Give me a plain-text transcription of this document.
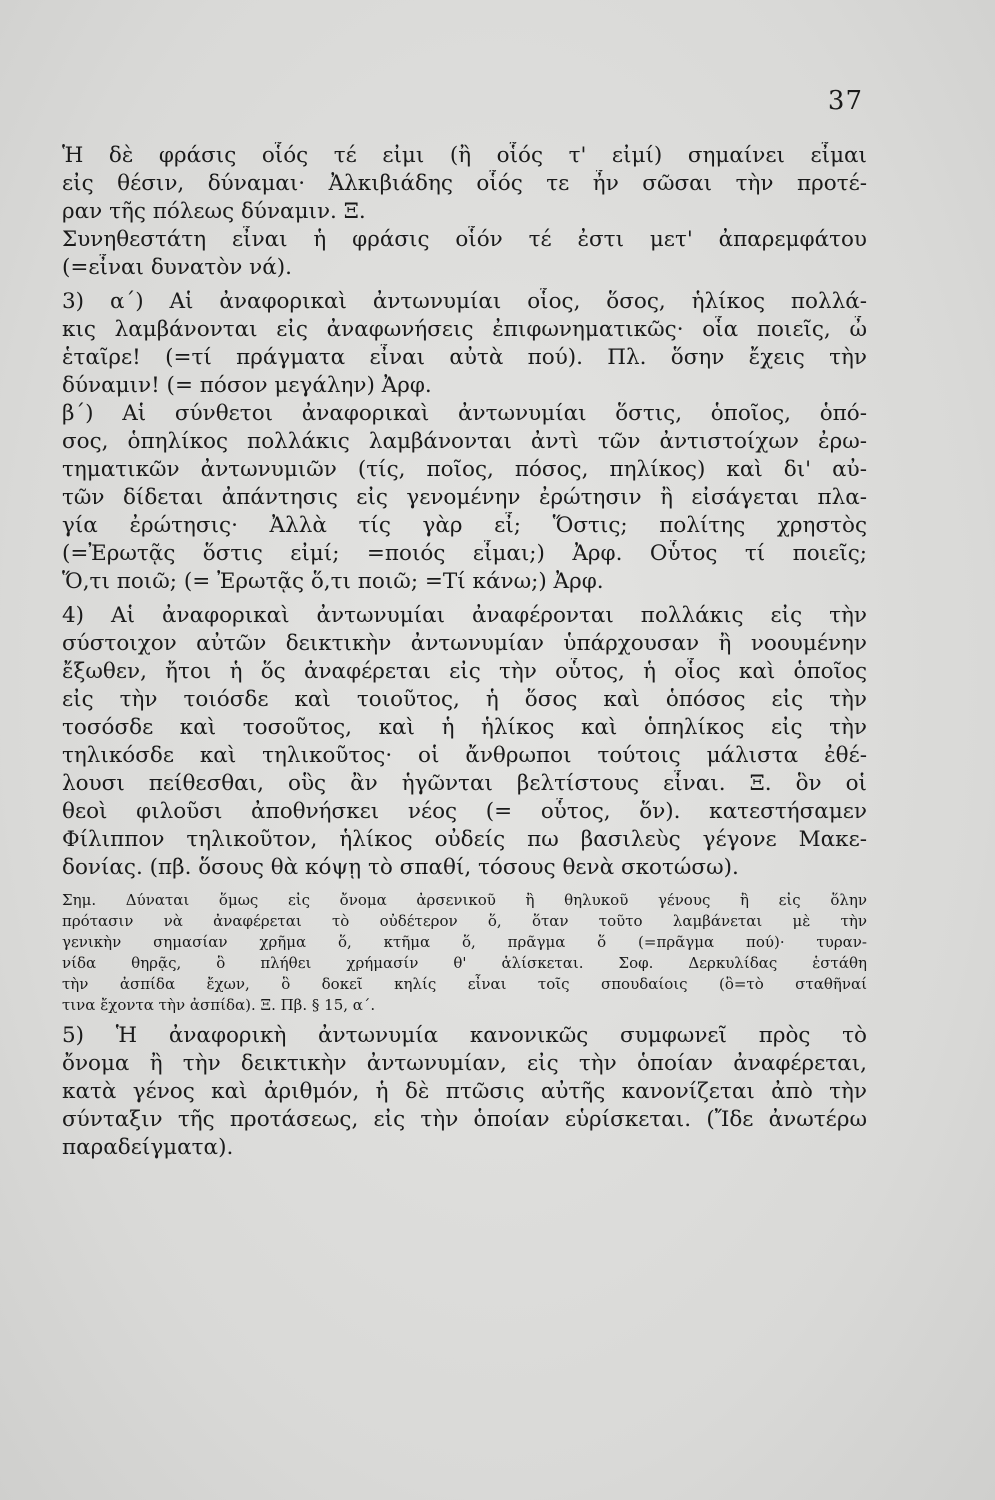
37
Ἡ δὲ φράσις οἷός τέ εἰμι (ἢ οἷός τ' εἰμί) σημαίνει εἶμαι
εἰς θέσιν, δύναμαι· Ἀλκιβιάδης οἷός τε ἦν σῶσαι τὴν προτέ-
ραν τῆς πόλεως δύναμιν. Ξ.
Συνηθεστάτη εἶναι ἡ φράσις οἷόν τέ ἐστι μετ' ἀπαρεμφάτου
(=εἶναι δυνατὸν νά).
3) α΄) Αἱ ἀναφορικαὶ ἀντωνυμίαι οἷος, ὅσος, ἡλίκος πολλά-
κις λαμβάνονται εἰς ἀναφωνήσεις ἐπιφωνηματικῶς· οἷα ποιεῖς, ὦ
ἑταῖρε! (=τί πράγματα εἶναι αὐτὰ πού). Πλ. ὅσην ἔχεις τὴν
δύναμιν! (= πόσον μεγάλην) Ἀρφ.
β΄) Αἱ σύνθετοι ἀναφορικαὶ ἀντωνυμίαι ὅστις, ὁποῖος, ὁπό-
σος, ὁπηλίκος πολλάκις λαμβάνονται ἀντὶ τῶν ἀντιστοίχων ἐρω-
τηματικῶν ἀντωνυμιῶν (τίς, ποῖος, πόσος, πηλίκος) καὶ δι' αὐ-
τῶν δίδεται ἀπάντησις εἰς γενομένην ἐρώτησιν ἢ εἰσάγεται πλα-
γία ἐρώτησις· Ἀλλὰ τίς γὰρ εἶ; Ὅστις; πολίτης χρηστὸς
(=Ἐρωτᾷς ὅστις εἰμί; =ποιός εἶμαι;) Ἀρφ. Οὗτος τί ποιεῖς;
Ὅ,τι ποιῶ; (= Ἐρωτᾷς ὅ,τι ποιῶ; =Τί κάνω;) Ἀρφ.
4) Αἱ ἀναφορικαὶ ἀντωνυμίαι ἀναφέρονται πολλάκις εἰς τὴν
σύστοιχον αὐτῶν δεικτικὴν ἀντωνυμίαν ὑπάρχουσαν ἢ νοουμένην
ἔξωθεν, ἤτοι ἡ ὅς ἀναφέρεται εἰς τὴν οὗτος, ἡ οἷος καὶ ὁποῖος
εἰς τὴν τοιόσδε καὶ τοιοῦτος, ἡ ὅσος καὶ ὁπόσος εἰς τὴν
τοσόσδε καὶ τοσοῦτος, καὶ ἡ ἡλίκος καὶ ὁπηλίκος εἰς τὴν
τηλικόσδε καὶ τηλικοῦτος· οἱ ἄνθρωποι τούτοις μάλιστα ἐθέ-
λουσι πείθεσθαι, οὓς ἂν ἡγῶνται βελτίστους εἶναι. Ξ. ὃν οἱ
θεοὶ φιλοῦσι ἀποθνήσκει νέος (= οὗτος, ὅν). κατεστήσαμεν
Φίλιππον τηλικοῦτον, ἡλίκος οὐδείς πω βασιλεὺς γέγονε Μακε-
δονίας. (πβ. ὅσους θὰ κόψῃ τὸ σπαθί, τόσους θενὰ σκοτώσω).
Σημ. Δύναται ὅμως εἰς ὄνομα ἀρσενικοῦ ἢ θηλυκοῦ γένους ἢ εἰς ὅλην
πρότασιν νὰ ἀναφέρεται τὸ οὐδέτερον ὅ, ὅταν τοῦτο λαμβάνεται μὲ τὴν
γενικὴν σημασίαν χρῆμα ὅ, κτῆμα ὅ, πρᾶγμα ὅ (=πρᾶγμα πού)· τυραν-
νίδα θηρᾷς, ὃ πλήθει χρήμασίν θ' ἁλίσκεται. Σοφ. Δερκυλίδας ἑστάθη
τὴν ἀσπίδα ἔχων, ὃ δοκεῖ κηλίς εἶναι τοῖς σπουδαίοις (ὃ=τὸ σταθῆναί
τινα ἔχοντα τὴν ἀσπίδα). Ξ. Πβ. § 15, α΄.
5) Ἡ ἀναφορικὴ ἀντωνυμία κανονικῶς συμφωνεῖ πρὸς τὸ
ὄνομα ἢ τὴν δεικτικὴν ἀντωνυμίαν, εἰς τὴν ὁποίαν ἀναφέρεται,
κατὰ γένος καὶ ἀριθμόν, ἡ δὲ πτῶσις αὐτῆς κανονίζεται ἀπὸ τὴν
σύνταξιν τῆς προτάσεως, εἰς τὴν ὁποίαν εὑρίσκεται. (Ἴδε ἀνωτέρω
παραδείγματα).
